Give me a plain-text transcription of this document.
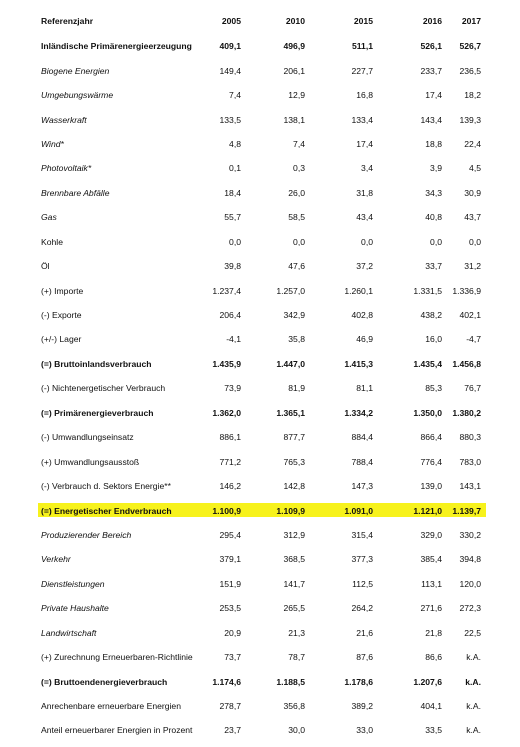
Referenzjahr	2005	2010	2015	2016	2017
Inländische Primärenergieerzeugung	409,1	496,9	511,1	526,1	526,7
Biogene Energien	149,4	206,1	227,7	233,7	236,5
Umgebungswärme	7,4	12,9	16,8	17,4	18,2
Wasserkraft	133,5	138,1	133,4	143,4	139,3
Wind*	4,8	7,4	17,4	18,8	22,4
Photovoltaik*	0,1	0,3	3,4	3,9	4,5
Brennbare Abfälle	18,4	26,0	31,8	34,3	30,9
Gas	55,7	58,5	43,4	40,8	43,7
Kohle	0,0	0,0	0,0	0,0	0,0
Öl	39,8	47,6	37,2	33,7	31,2
(+) Importe	1.237,4	1.257,0	1.260,1	1.331,5	1.336,9
(-) Exporte	206,4	342,9	402,8	438,2	402,1
(+/-) Lager	-4,1	35,8	46,9	16,0	-4,7
(=) Bruttoinlandsverbrauch	1.435,9	1.447,0	1.415,3	1.435,4	1.456,8
(-) Nichtenergetischer Verbrauch	73,9	81,9	81,1	85,3	76,7
(=) Primärenergieverbrauch	1.362,0	1.365,1	1.334,2	1.350,0	1.380,2
(-) Umwandlungseinsatz	886,1	877,7	884,4	866,4	880,3
(+) Umwandlungsausstoß	771,2	765,3	788,4	776,4	783,0
(-) Verbrauch d. Sektors Energie**	146,2	142,8	147,3	139,0	143,1
(=) Energetischer Endverbrauch	1.100,9	1.109,9	1.091,0	1.121,0	1.139,7
Produzierender Bereich	295,4	312,9	315,4	329,0	330,2
Verkehr	379,1	368,5	377,3	385,4	394,8
Dienstleistungen	151,9	141,7	112,5	113,1	120,0
Private Haushalte	253,5	265,5	264,2	271,6	272,3
Landwirtschaft	20,9	21,3	21,6	21,8	22,5
(+) Zurechnung Erneuerbaren-Richtlinie	73,7	78,7	87,6	86,6	k.A.
(=) Bruttoendenergieverbrauch	1.174,6	1.188,5	1.178,6	1.207,6	k.A.
Anrechenbare erneuerbare Energien	278,7	356,8	389,2	404,1	k.A.
Anteil erneuerbarer Energien in Prozent	23,7	30,0	33,0	33,5	k.A.
